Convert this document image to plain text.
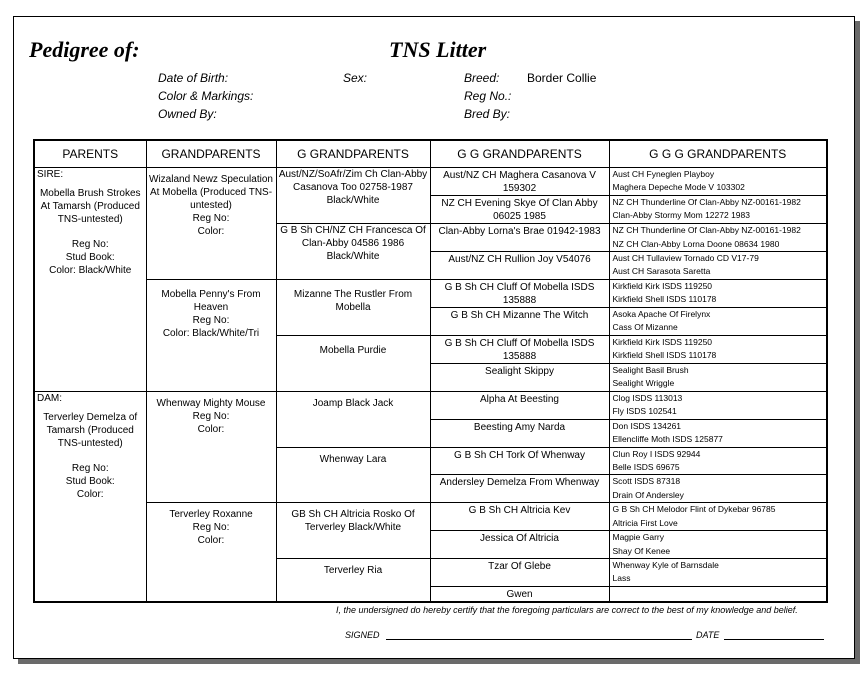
Pedigree of:	TNS Litter
Date of Birth:	Sex:	Breed: Border Collie
Color & Markings:	Reg No.:
Owned By:	Bred By:
PARENTS	GRANDPARENTS	G GRANDPARENTS	G G GRANDPARENTS	G G G GRANDPARENTS

SIRE:
Mobella Brush Strokes At Tamarsh (Produced TNS-untested)
Reg No:
Stud Book:
Color: Black/White	Wizaland Newz Speculation At Mobella (Produced TNS-untested)
Reg No:
Color:	Aust/NZ/SoAfr/Zim Ch Clan-Abby Casanova Too 02758-1987 Black/White	Aust/NZ CH Maghera Casanova V 159302	Aust CH Fyneglen Playboy
Maghera Depeche Mode V 103302

			NZ CH Evening Skye Of Clan Abby 06025 1985	NZ CH Thunderline Of Clan-Abby NZ-00161-1982
Clan-Abby Stormy Mom 12272 1983

		G B Sh CH/NZ CH Francesca Of Clan-Abby 04586 1986 Black/White	Clan-Abby Lorna's Brae 01942-1983	NZ CH Thunderline Of Clan-Abby NZ-00161-1982
NZ CH Clan-Abby Lorna Doone 08634 1980

			Aust/NZ CH Rullion Joy V54076	Aust CH Tullaview Tornado CD V17-79
Aust CH Sarasota Saretta

	Mobella Penny's From Heaven
Reg No:
Color: Black/White/Tri	Mizanne The Rustler From Mobella	G B Sh CH Cluff Of Mobella ISDS 135888	Kirkfield Kirk ISDS 119250
Kirkfield Shell ISDS 110178

			G B Sh CH Mizanne The Witch	Asoka Apache Of Firelynx
Cass Of Mizanne

		Mobella Purdie	G B Sh CH Cluff Of Mobella ISDS 135888	Kirkfield Kirk ISDS 119250
Kirkfield Shell ISDS 110178

			Sealight Skippy	Sealight Basil Brush
Sealight Wriggle

DAM:
Terverley Demelza of Tamarsh (Produced TNS-untested)
Reg No:
Stud Book:
Color:	Whenway Mighty Mouse
Reg No:
Color:	Joamp Black Jack	Alpha At Beesting	Clog ISDS 113013
Fly ISDS 102541

			Beesting Amy Narda	Don ISDS 134261
Ellencliffe Moth ISDS 125877

		Whenway Lara	G B Sh CH Tork Of Whenway	Clun Roy I ISDS 92944
Belle ISDS 69675

			Andersley Demelza From Whenway	Scott ISDS 87318
Drain Of Andersley

	Terverley Roxanne
Reg No:
Color:	GB Sh CH Altricia Rosko Of Terverley Black/White	G B Sh CH Altricia Kev	G B Sh CH Melodor Flint of Dykebar 96785
Altricia First Love

			Jessica Of Altricia	Magpie Garry
Shay Of Kenee

		Terverley Ria	Tzar Of Glebe	Whenway Kyle of Barnsdale
Lass

			Gwen	
I, the undersigned do hereby certify that the foregoing particulars are correct to the best of my knowledge and belief.
SIGNED	DATE
